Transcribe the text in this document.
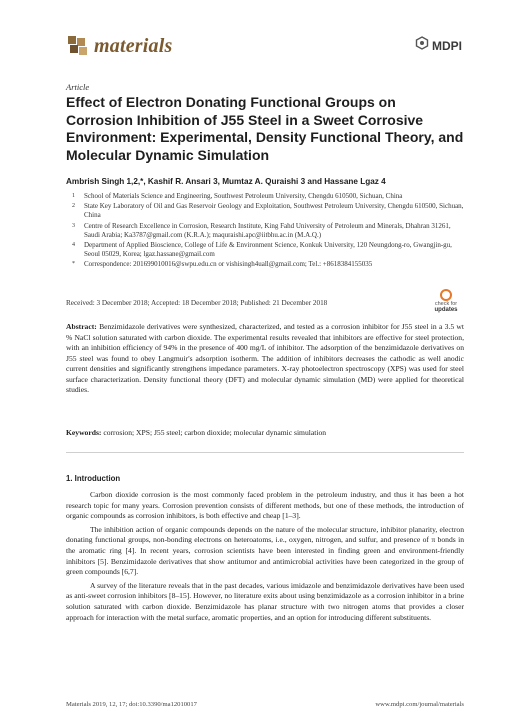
materials	MDPI
Article
Effect of Electron Donating Functional Groups on Corrosion Inhibition of J55 Steel in a Sweet Corrosive Environment: Experimental, Density Functional Theory, and Molecular Dynamic Simulation
Ambrish Singh 1,2,*, Kashif R. Ansari 3, Mumtaz A. Quraishi 3 and Hassane Lgaz 4
1	School of Materials Science and Engineering, Southwest Petroleum University, Chengdu 610500, Sichuan, China
2	State Key Laboratory of Oil and Gas Reservoir Geology and Exploitation, Southwest Petroleum University, Chengdu 610500, Sichuan, China
3	Centre of Research Excellence in Corrosion, Research Institute, King Fahd University of Petroleum and Minerals, Dhahran 31261, Saudi Arabia; Ka3787@gmail.com (K.R.A.); maquraishi.apc@iitbhu.ac.in (M.A.Q.)
4	Department of Applied Bioscience, College of Life & Environment Science, Konkuk University, 120 Neungdong-ro, Gwangjin-gu, Seoul 05029, Korea; lgaz.hassane@gmail.com
*	Correspondence: 201699010016@swpu.edu.cn or vishisingh4uall@gmail.com; Tel.: +8618384155035
Received: 3 December 2018; Accepted: 18 December 2018; Published: 21 December 2018	check for
updates
Abstract: Benzimidazole derivatives were synthesized, characterized, and tested as a corrosion inhibitor for J55 steel in a 3.5 wt % NaCl solution saturated with carbon dioxide. The experimental results revealed that inhibitors are effective for steel protection, with an inhibition efficiency of 94% in the presence of 400 mg/L of inhibitor. The adsorption of the benzimidazole derivatives on J55 steel was found to obey Langmuir's adsorption isotherm. The addition of inhibitors decreases the cathodic as well anodic current densities and significantly strengthens impedance parameters. X-ray photoelectron spectroscopy (XPS) was used for steel surface characterization. Density functional theory (DFT) and molecular dynamic simulation (MD) were applied for theoretical studies.
Keywords: corrosion; XPS; J55 steel; carbon dioxide; molecular dynamic simulation
1. Introduction

Carbon dioxide corrosion is the most commonly faced problem in the petroleum industry, and thus it has been a hot research topic for many years. Corrosion prevention consists of different methods, but one of these methods, the introduction of organic compounds as corrosion inhibitors, is both effective and cheap [1–3].

The inhibition action of organic compounds depends on the nature of the molecular structure, inhibitor planarity, electron donating functional groups, non-bonding electrons on heteroatoms, i.e., oxygen, nitrogen, and sulfur, and presence of π bonds in the aromatic ring [4]. In recent years, corrosion scientists have been interested in finding green and environment-friendly inhibitors [5]. Benzimidazole derivatives that show antitumor and antimicrobial activities have been categorized in the group of green compounds [6,7].

A survey of the literature reveals that in the past decades, various imidazole and benzimidazole derivatives have been used as anti-sweet corrosion inhibitors [8–15]. However, no literature exits about using benzimidazole as a corrosion inhibitor in a brine solution saturated with carbon dioxide. Benzimidazole has planar structure with two nitrogen atoms that provides a closer approach for interaction with the metal surface, aromatic properties, and an option for introducing different substituents.

Materials 2019, 12, 17; doi:10.3390/ma12010017	www.mdpi.com/journal/materials
